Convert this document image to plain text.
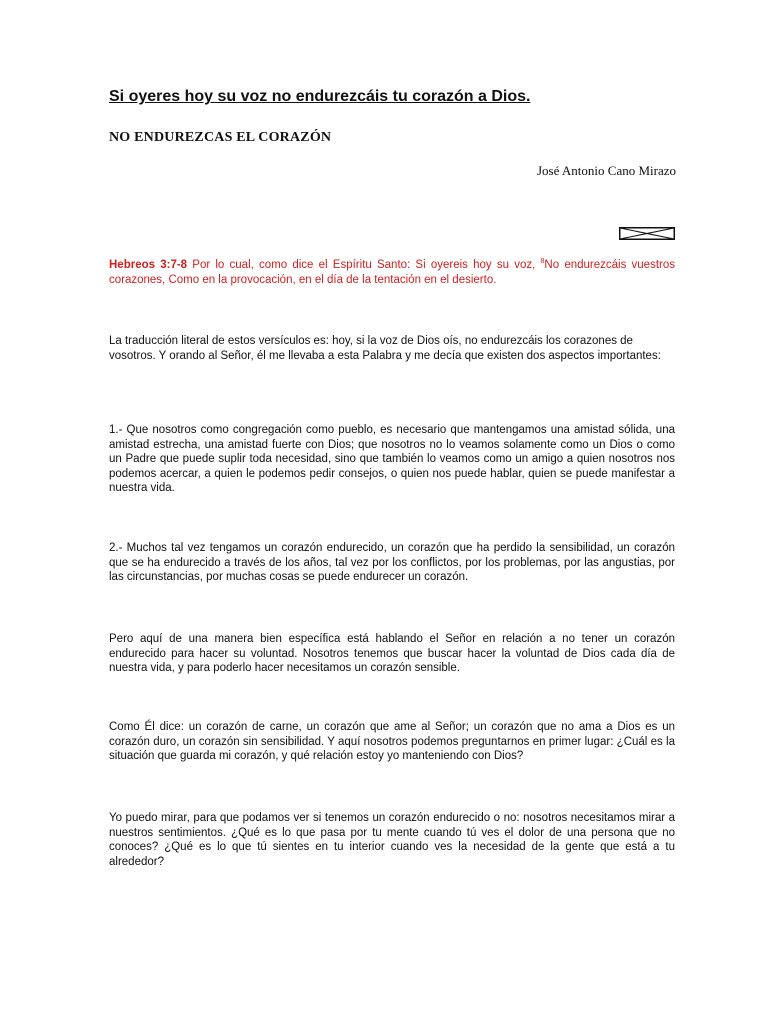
Si oyeres hoy su voz no endurezcáis tu corazón a Dios.
NO ENDUREZCAS EL CORAZÓN

José Antonio Cano Mirazo

Hebreos 3:7-8 Por lo cual, como dice el Espíritu Santo: Si oyereis hoy su voz, $^8$No endurezcáis vuestros corazones, Como en la provocación, en el día de la tentación en el desierto.

La traducción literal de estos versículos es: hoy, si la voz de Dios oís, no endurezcáis los corazones de vosotros. Y orando al Señor, él me llevaba a esta Palabra y me decía que existen dos aspectos importantes:

1.- Que nosotros como congregación como pueblo, es necesario que mantengamos una amistad sólida, una amistad estrecha, una amistad fuerte con Dios; que nosotros no lo veamos solamente como un Dios o como un Padre que puede suplir toda necesidad, sino que también lo veamos como un amigo a quien nosotros nos podemos acercar, a quien le podemos pedir consejos, o quien nos puede hablar, quien se puede manifestar a nuestra vida.

2.- Muchos tal vez tengamos un corazón endurecido, un corazón que ha perdido la sensibilidad, un corazón que se ha endurecido a través de los años, tal vez por los conflictos, por los problemas, por las angustias, por las circunstancias, por muchas cosas se puede endurecer un corazón.

Pero aquí de una manera bien específica está hablando el Señor en relación a no tener un corazón endurecido para hacer su voluntad. Nosotros tenemos que buscar hacer la voluntad de Dios cada día de nuestra vida, y para poderlo hacer necesitamos un corazón sensible.

Como Él dice: un corazón de carne, un corazón que ame al Señor; un corazón que no ama a Dios es un corazón duro, un corazón sin sensibilidad. Y aquí nosotros podemos preguntarnos en primer lugar: ¿Cuál es la situación que guarda mi corazón, y qué relación estoy yo manteniendo con Dios?

Yo puedo mirar, para que podamos ver si tenemos un corazón endurecido o no: nosotros necesitamos mirar a nuestros sentimientos. ¿Qué es lo que pasa por tu mente cuando tú ves el dolor de una persona que no conoces? ¿Qué es lo que tú sientes en tu interior cuando ves la necesidad de la gente que está a tu alrededor?
